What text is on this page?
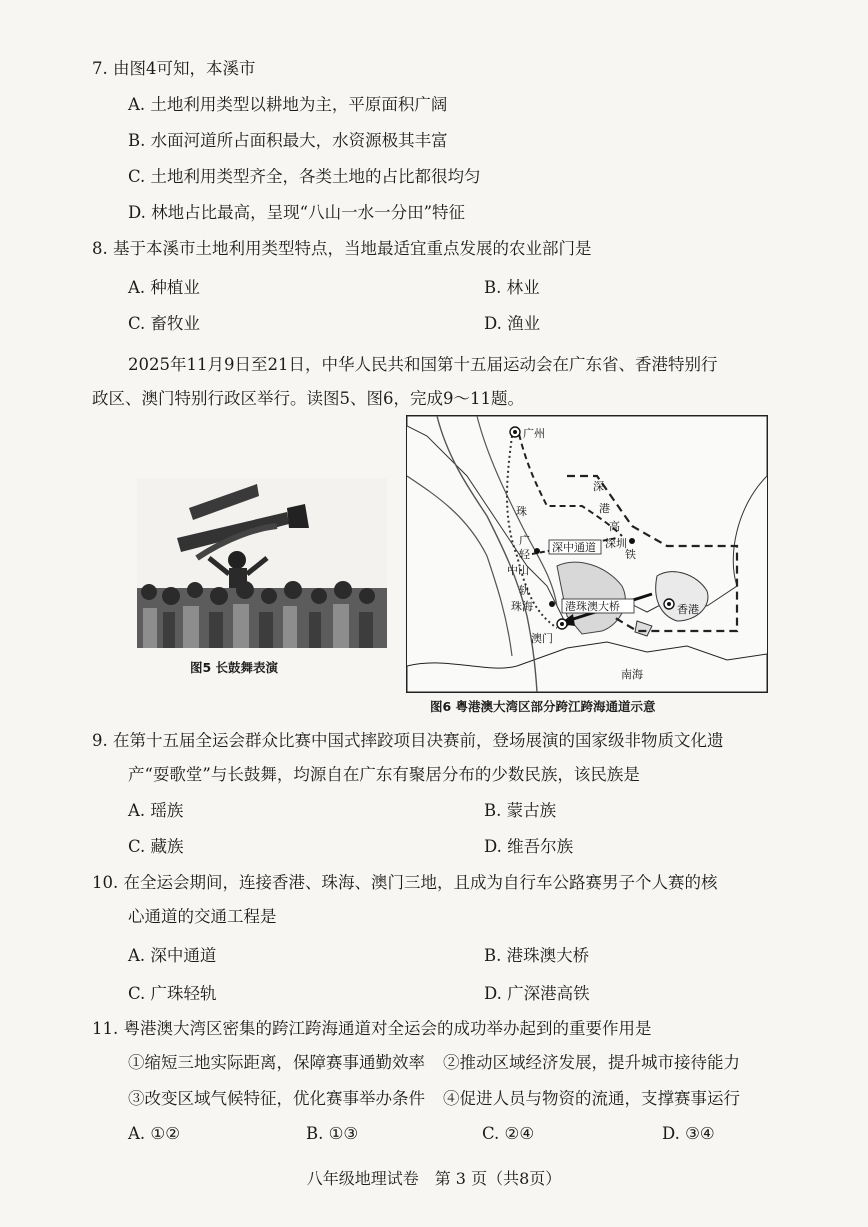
7. 由图4可知，本溪市
A. 土地利用类型以耕地为主，平原面积广阔
B. 水面河道所占面积最大，水资源极其丰富
C. 土地利用类型齐全，各类土地的占比都很均匀
D. 林地占比最高，呈现“八山一水一分田”特征
8. 基于本溪市土地利用类型特点，当地最适宜重点发展的农业部门是
A. 种植业	B. 林业
C. 畜牧业	D. 渔业
2025年11月9日至21日，中华人民共和国第十五届运动会在广东省、香港特别行
政区、澳门特别行政区举行。读图5、图6，完成9～11题。
图5 长鼓舞表演
广州
深
港
珠
广
深中通道
高
深圳
铁
轻
中山
轨
珠海	港珠澳大桥	香港
澳门
南海
图6 粤港澳大湾区部分跨江跨海通道示意
9. 在第十五届全运会群众比赛中国式摔跤项目决赛前，登场展演的国家级非物质文化遗
产“耍歌堂”与长鼓舞，均源自在广东有聚居分布的少数民族，该民族是
A. 瑶族	B. 蒙古族
C. 藏族	D. 维吾尔族
10. 在全运会期间，连接香港、珠海、澳门三地，且成为自行车公路赛男子个人赛的核
心通道的交通工程是
A. 深中通道	B. 港珠澳大桥
C. 广珠轻轨	D. 广深港高铁
11. 粤港澳大湾区密集的跨江跨海通道对全运会的成功举办起到的重要作用是
①缩短三地实际距离，保障赛事通勤效率 ②推动区域经济发展，提升城市接待能力
③改变区域气候特征，优化赛事举办条件 ④促进人员与物资的流通，支撑赛事运行
A. ①②	B. ①③	C. ②④	D. ③④
八年级地理试卷　第 3 页（共8页）
